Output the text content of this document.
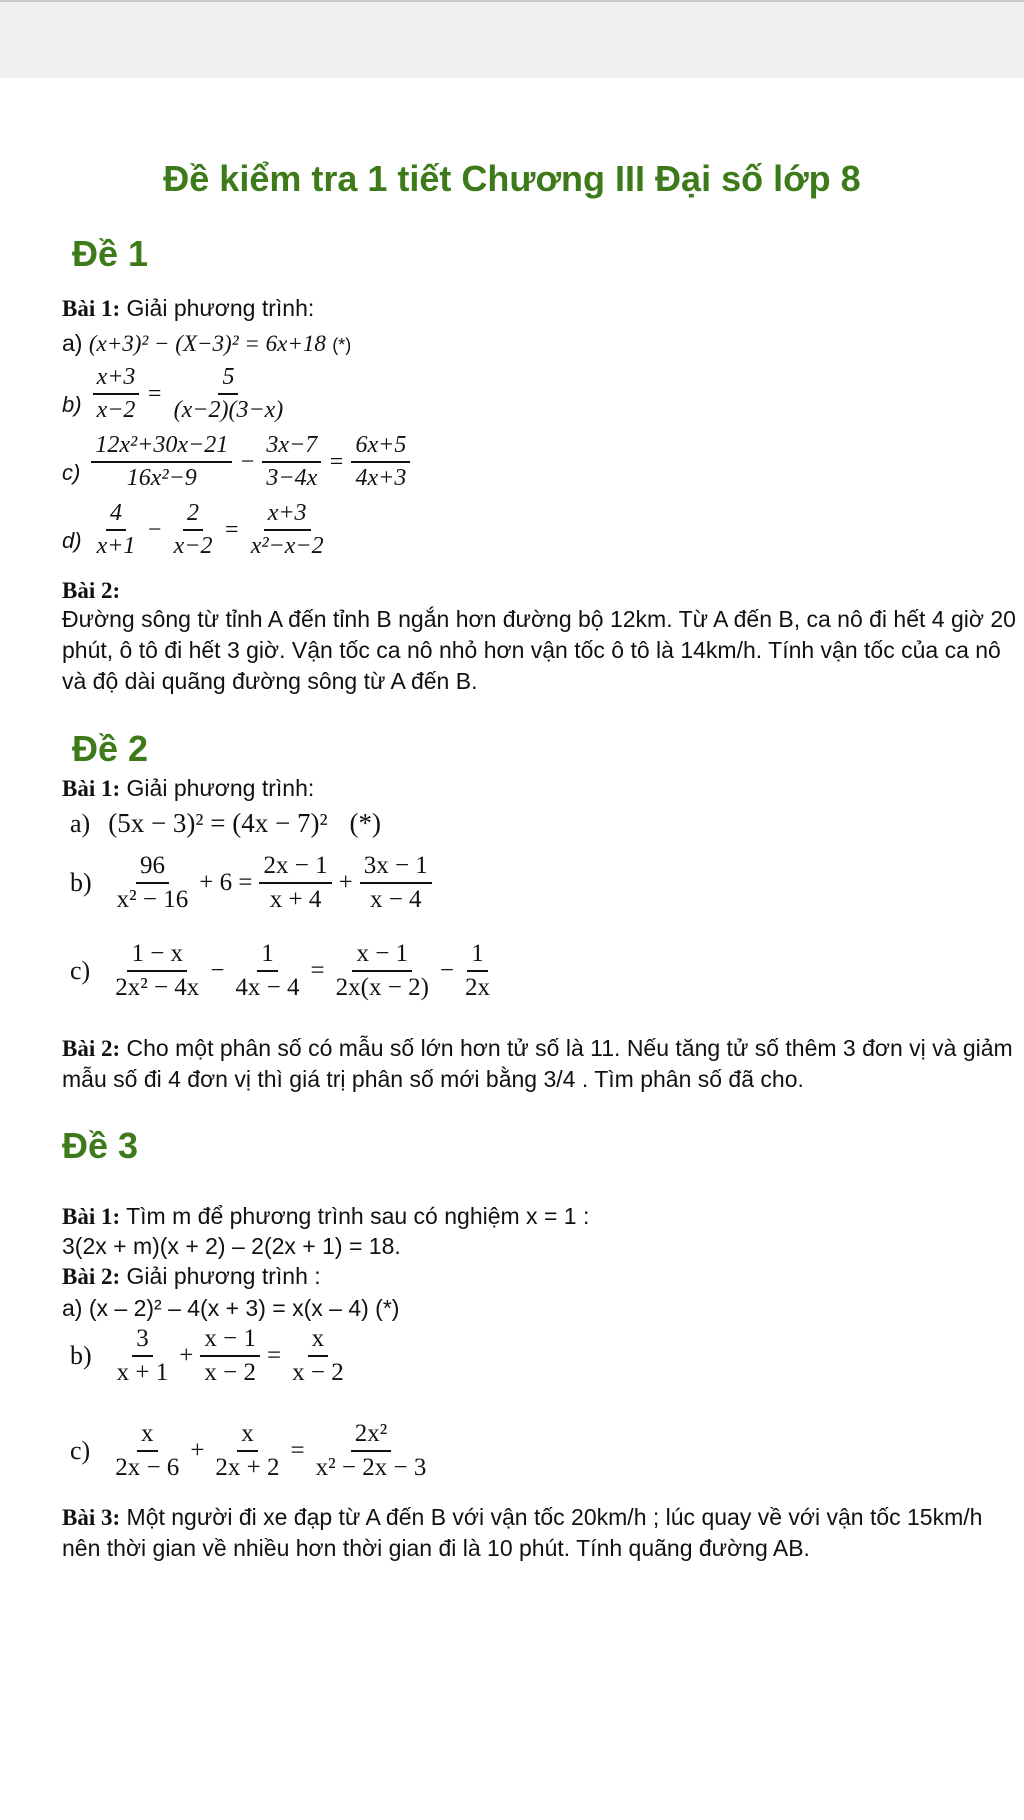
Đề kiểm tra 1 tiết Chương III Đại số lớp 8
Đề 1
Bài 1: Giải phương trình:
a) (x+3)² − (X−3)² = 6x+18 (*)
$b) \frac{x+3}{x-2} = \frac{5}{(x-2)(3-x)}$
$c) \frac{\text{12x²+30x−21}}{\text{16x²−9}} - \frac{3x-7}{3-4x} = \frac{6x+5}{4x+3}$
$d) \frac{4}{x+1} - \frac{2}{x-2} = \frac{x+3}{\text{x²−x−2}}$
Bài 2:
Đường sông từ tỉnh A đến tỉnh B ngắn hơn đường bộ 12km. Từ A đến B, ca nô đi hết 4 giờ 20 phút, ô tô đi hết 3 giờ. Vận tốc ca nô nhỏ hơn vận tốc ô tô là 14km/h. Tính vận tốc của ca nô và độ dài quãng đường sông từ A đến B.
Đề 2
Bài 1: Giải phương trình:
a) (5x − 3)² = (4x − 7)² (*)
$b) \frac{96}{\text{x² − 16}} + 6 = \frac{2x - 1}{x + 4} + \frac{3x - 1}{x - 4}$
$c) \frac{1 - x}{\text{2x² − 4x}} - \frac{1}{4x - 4} = \frac{x - 1}{2x(x - 2)} - \frac{1}{2x}$
Bài 2: Cho một phân số có mẫu số lớn hơn tử số là 11. Nếu tăng tử số thêm 3 đơn vị và giảm mẫu số đi 4 đơn vị thì giá trị phân số mới bằng 3/4 . Tìm phân số đã cho.
Đề 3
Bài 1: Tìm m để phương trình sau có nghiệm x = 1 :
3(2x + m)(x + 2) – 2(2x + 1) = 18.
Bài 2: Giải phương trình :
a) (x – 2)² – 4(x + 3) = x(x – 4) (*)
$b) \frac{3}{x + 1} + \frac{x - 1}{x - 2} = \frac{x}{x - 2}$
$c) \frac{x}{2x - 6} + \frac{x}{2x + 2} = \frac{\text{2x²}}{\text{x² − 2x − 3}}$
Bài 3: Một người đi xe đạp từ A đến B với vận tốc 20km/h ; lúc quay về với vận tốc 15km/h nên thời gian về nhiều hơn thời gian đi là 10 phút. Tính quãng đường AB.
